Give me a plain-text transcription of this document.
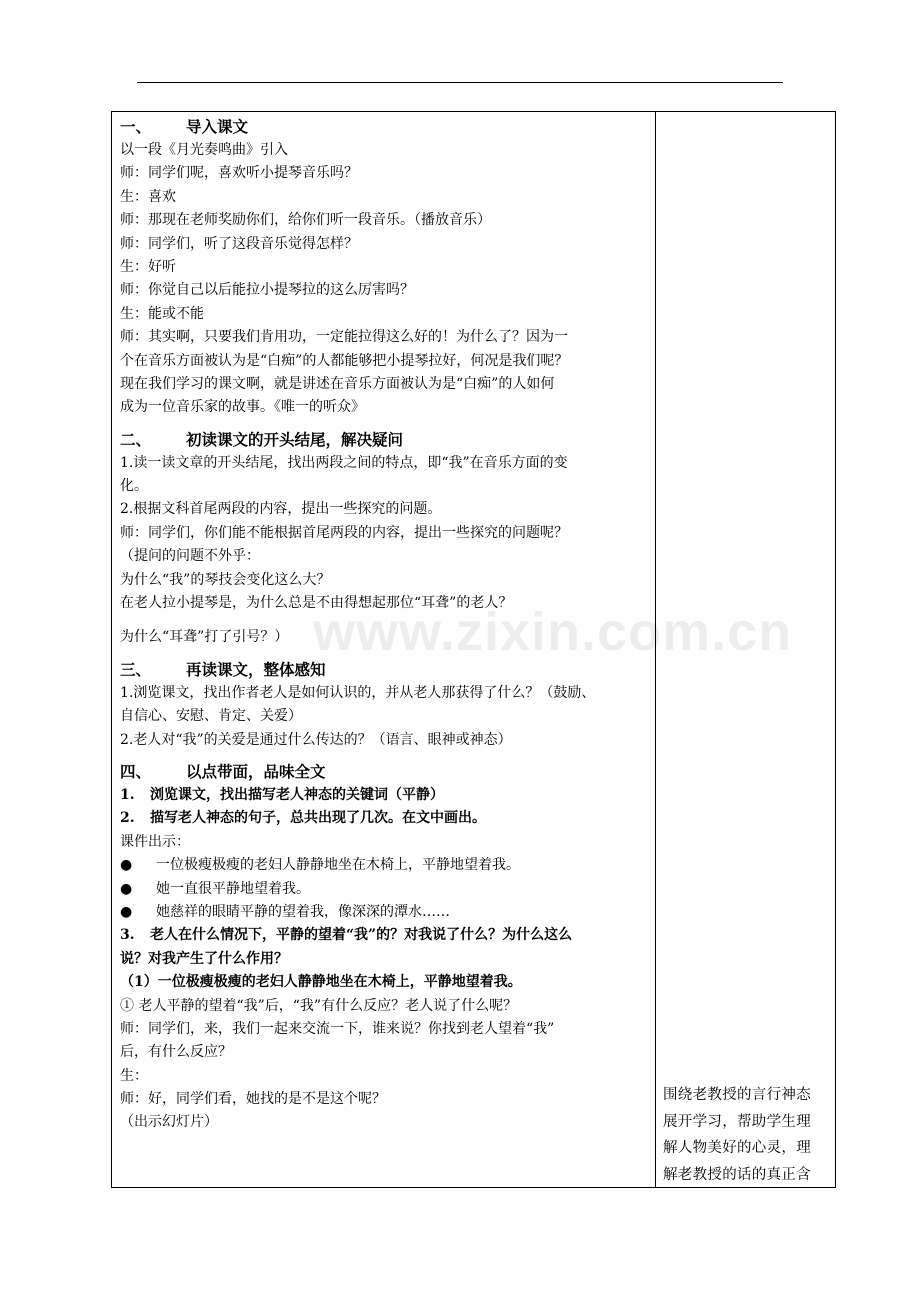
一、 导入课文
以一段《月光奏鸣曲》引入
师：同学们呢，喜欢听小提琴音乐吗？
生：喜欢
师：那现在老师奖励你们，给你们听一段音乐。（播放音乐）
师：同学们，听了这段音乐觉得怎样？
生：好听
师：你觉自己以后能拉小提琴拉的这么厉害吗？
生：能或不能
师：其实啊，只要我们肯用功，一定能拉得这么好的！为什么了？因为一
个在音乐方面被认为是“白痴”的人都能够把小提琴拉好，何况是我们呢？
现在我们学习的课文啊，就是讲述在音乐方面被认为是“白痴”的人如何
成为一位音乐家的故事。《唯一的听众》
二、 初读课文的开头结尾，解决疑问
1.读一读文章的开头结尾，找出两段之间的特点，即“我”在音乐方面的变
化。
2.根据文科首尾两段的内容，提出一些探究的问题。
师：同学们，你们能不能根据首尾两段的内容，提出一些探究的问题呢？
（提问的问题不外乎：
为什么“我”的琴技会变化这么大？
在老人拉小提琴是，为什么总是不由得想起那位“耳聋”的老人？
为什么“耳聋”打了引号？）
三、 再读课文，整体感知
1.浏览课文，找出作者老人是如何认识的，并从老人那获得了什么？（鼓励、
自信心、安慰、肯定、关爱）
2.老人对“我”的关爱是通过什么传达的？（语言、眼神或神态）
四、 以点带面，品味全文
1. 浏览课文，找出描写老人神态的关键词（平静）
2. 描写老人神态的句子，总共出现了几次。在文中画出。
课件出示：
● 一位极瘦极瘦的老妇人静静地坐在木椅上，平静地望着我。
● 她一直很平静地望着我。
● 她慈祥的眼睛平静的望着我，像深深的潭水……
3. 老人在什么情况下，平静的望着“我”的？对我说了什么？为什么这么
说？对我产生了什么作用？
（1）一位极瘦极瘦的老妇人静静地坐在木椅上，平静地望着我。
① 老人平静的望着“我”后，“我”有什么反应？老人说了什么呢？
师：同学们，来，我们一起来交流一下，谁来说？你找到老人望着“我”
后，有什么反应？
生：
师：好，同学们看，她找的是不是这个呢？
（出示幻灯片）
围绕老教授的言行神态
展开学习，帮助学生理
解人物美好的心灵，理
解老教授的话的真正含
www.zixin.com.cn
